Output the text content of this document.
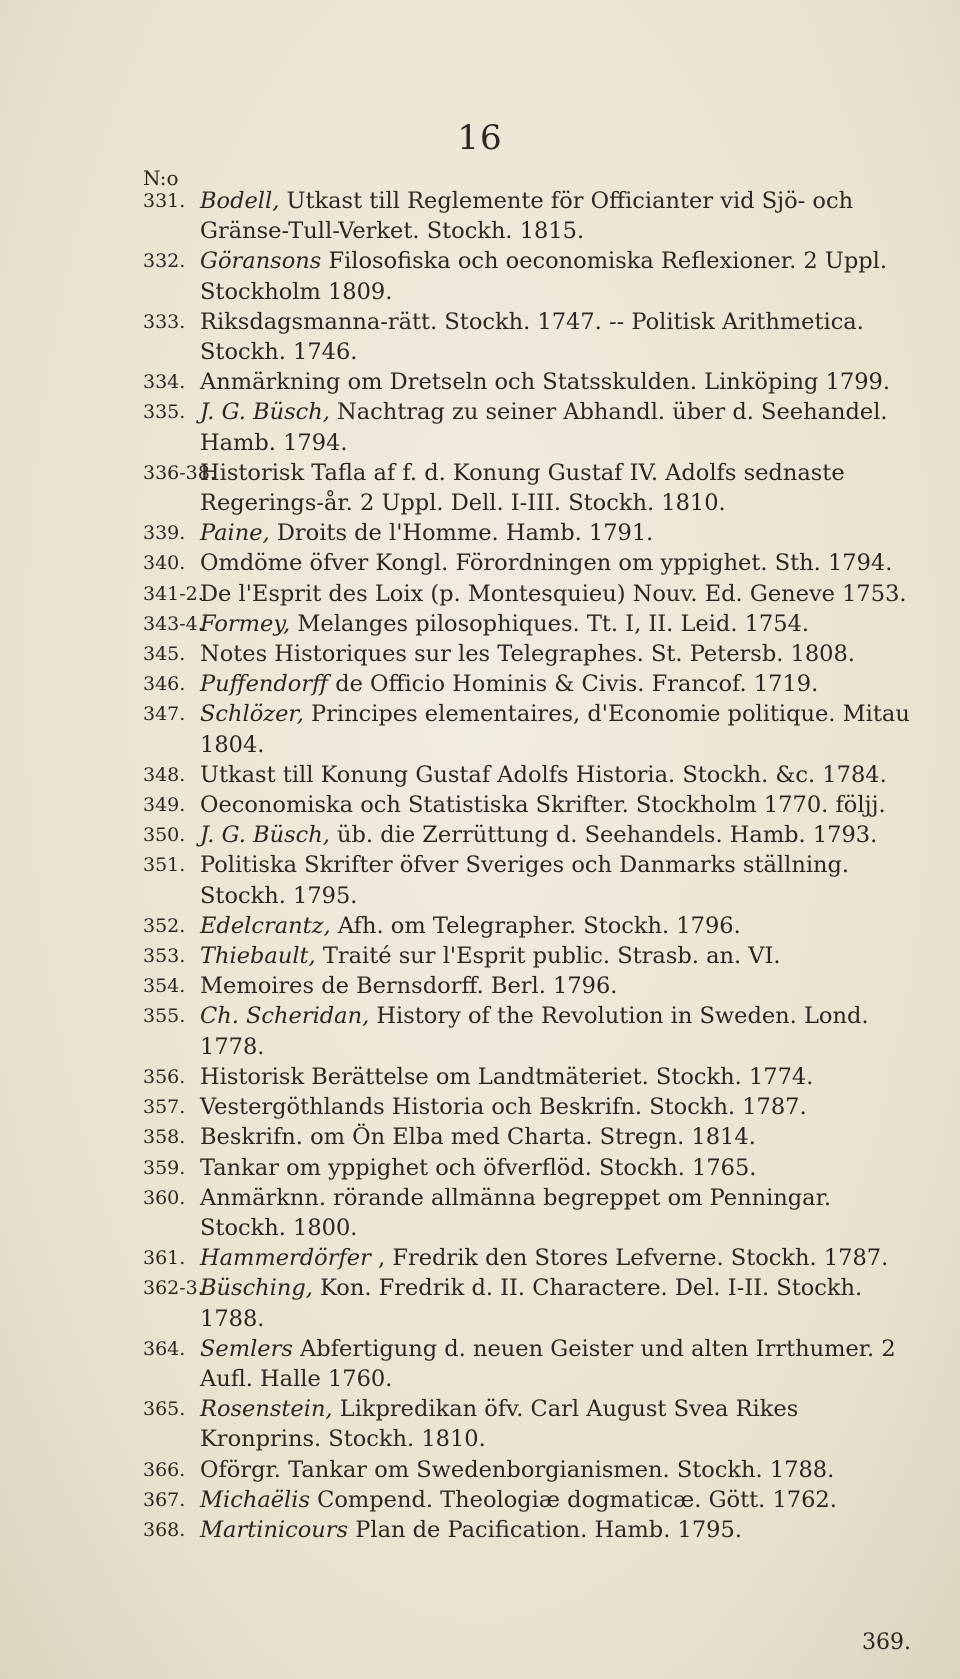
16
N:o
331. Bodell, Utkast till Reglemente för Officianter vid Sjö- och Gränse-Tull-Verket. Stockh. 1815.
332. Göransons Filosofiska och oeconomiska Reflexioner. 2 Uppl. Stockholm 1809.
333. Riksdagsmanna-rätt. Stockh. 1747. -- Politisk Arithmetica. Stockh. 1746.
334. Anmärkning om Dretseln och Statsskulden. Linköping 1799.
335. J. G. Büsch, Nachtrag zu seiner Abhandl. über d. Seehandel. Hamb. 1794.
336-38.
Historisk Tafla af f. d. Konung Gustaf IV. Adolfs sednaste Regerings-år. 2 Uppl. Dell. I-III. Stockh. 1810.
339. Paine, Droits de l'Homme. Hamb. 1791.
340. Omdöme öfver Kongl. Förordningen om yppighet. Sth. 1794.
341-2.
De l'Esprit des Loix (p. Montesquieu) Nouv. Ed. Geneve 1753.
343-4.
Formey, Melanges pilosophiques. Tt. I, II. Leid. 1754.
345. Notes Historiques sur les Telegraphes. St. Petersb. 1808.
346. Puffendorff de Officio Hominis & Civis. Francof. 1719.
347. Schlözer, Principes elementaires, d'Economie politique. Mitau 1804.
348. Utkast till Konung Gustaf Adolfs Historia. Stockh. &c. 1784.
349. Oeconomiska och Statistiska Skrifter. Stockholm 1770. följj.
350. J. G. Büsch, üb. die Zerrüttung d. Seehandels. Hamb. 1793.
351. Politiska Skrifter öfver Sveriges och Danmarks ställning. Stockh. 1795.
352. Edelcrantz, Afh. om Telegrapher. Stockh. 1796.
353. Thiebault, Traité sur l'Esprit public. Strasb. an. VI.
354. Memoires de Bernsdorff. Berl. 1796.
355. Ch. Scheridan, History of the Revolution in Sweden. Lond. 1778.
356. Historisk Berättelse om Landtmäteriet. Stockh. 1774.
357. Vestergöthlands Historia och Beskrifn. Stockh. 1787.
358. Beskrifn. om Ön Elba med Charta. Stregn. 1814.
359. Tankar om yppighet och öfverflöd. Stockh. 1765.
360. Anmärknn. rörande allmänna begreppet om Penningar. Stockh. 1800.
361. Hammerdörfer , Fredrik den Stores Lefverne. Stockh. 1787.
362-3.
Büsching, Kon. Fredrik d. II. Charactere. Del. I-II. Stockh. 1788.
364. Semlers Abfertigung d. neuen Geister und alten Irrthumer. 2 Aufl. Halle 1760.
365. Rosenstein, Likpredikan öfv. Carl August Svea Rikes Kronprins. Stockh. 1810.
366. Oförgr. Tankar om Swedenborgianismen. Stockh. 1788.
367. Michaëlis Compend. Theologiæ dogmaticæ. Gött. 1762.
368. Martinicours Plan de Pacification. Hamb. 1795.
369.
